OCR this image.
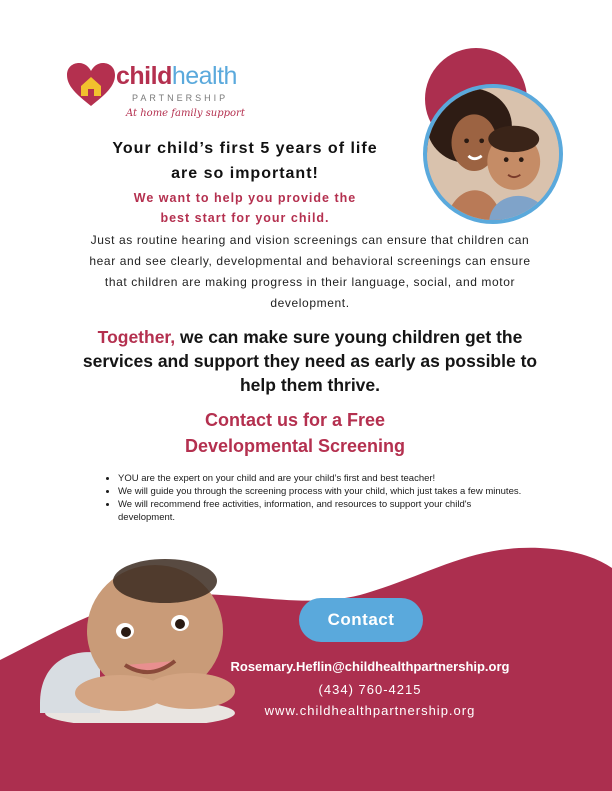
childhealth
PARTNERSHIP
At home family support
Your child’s first 5 years of life
are so important!
We want to help you provide the
best start for your child.

Just as routine hearing and vision screenings can ensure that children can hear and see clearly, developmental and behavioral screenings can ensure that children are making progress in their language, social, and motor development.

Together, we can make sure young children get the services and support they need as early as possible to help them thrive.

Contact us for a Free
Developmental Screening
• YOU are the expert on your child and are your child’s first and best teacher!
• We will guide you through the screening process with your child, which just takes a few minutes.
• We will recommend free activities, information, and resources to support your child's development.
Contact
Rosemary.Heflin@childhealthpartnership.org
(434) 760-4215
www.childhealthpartnership.org
